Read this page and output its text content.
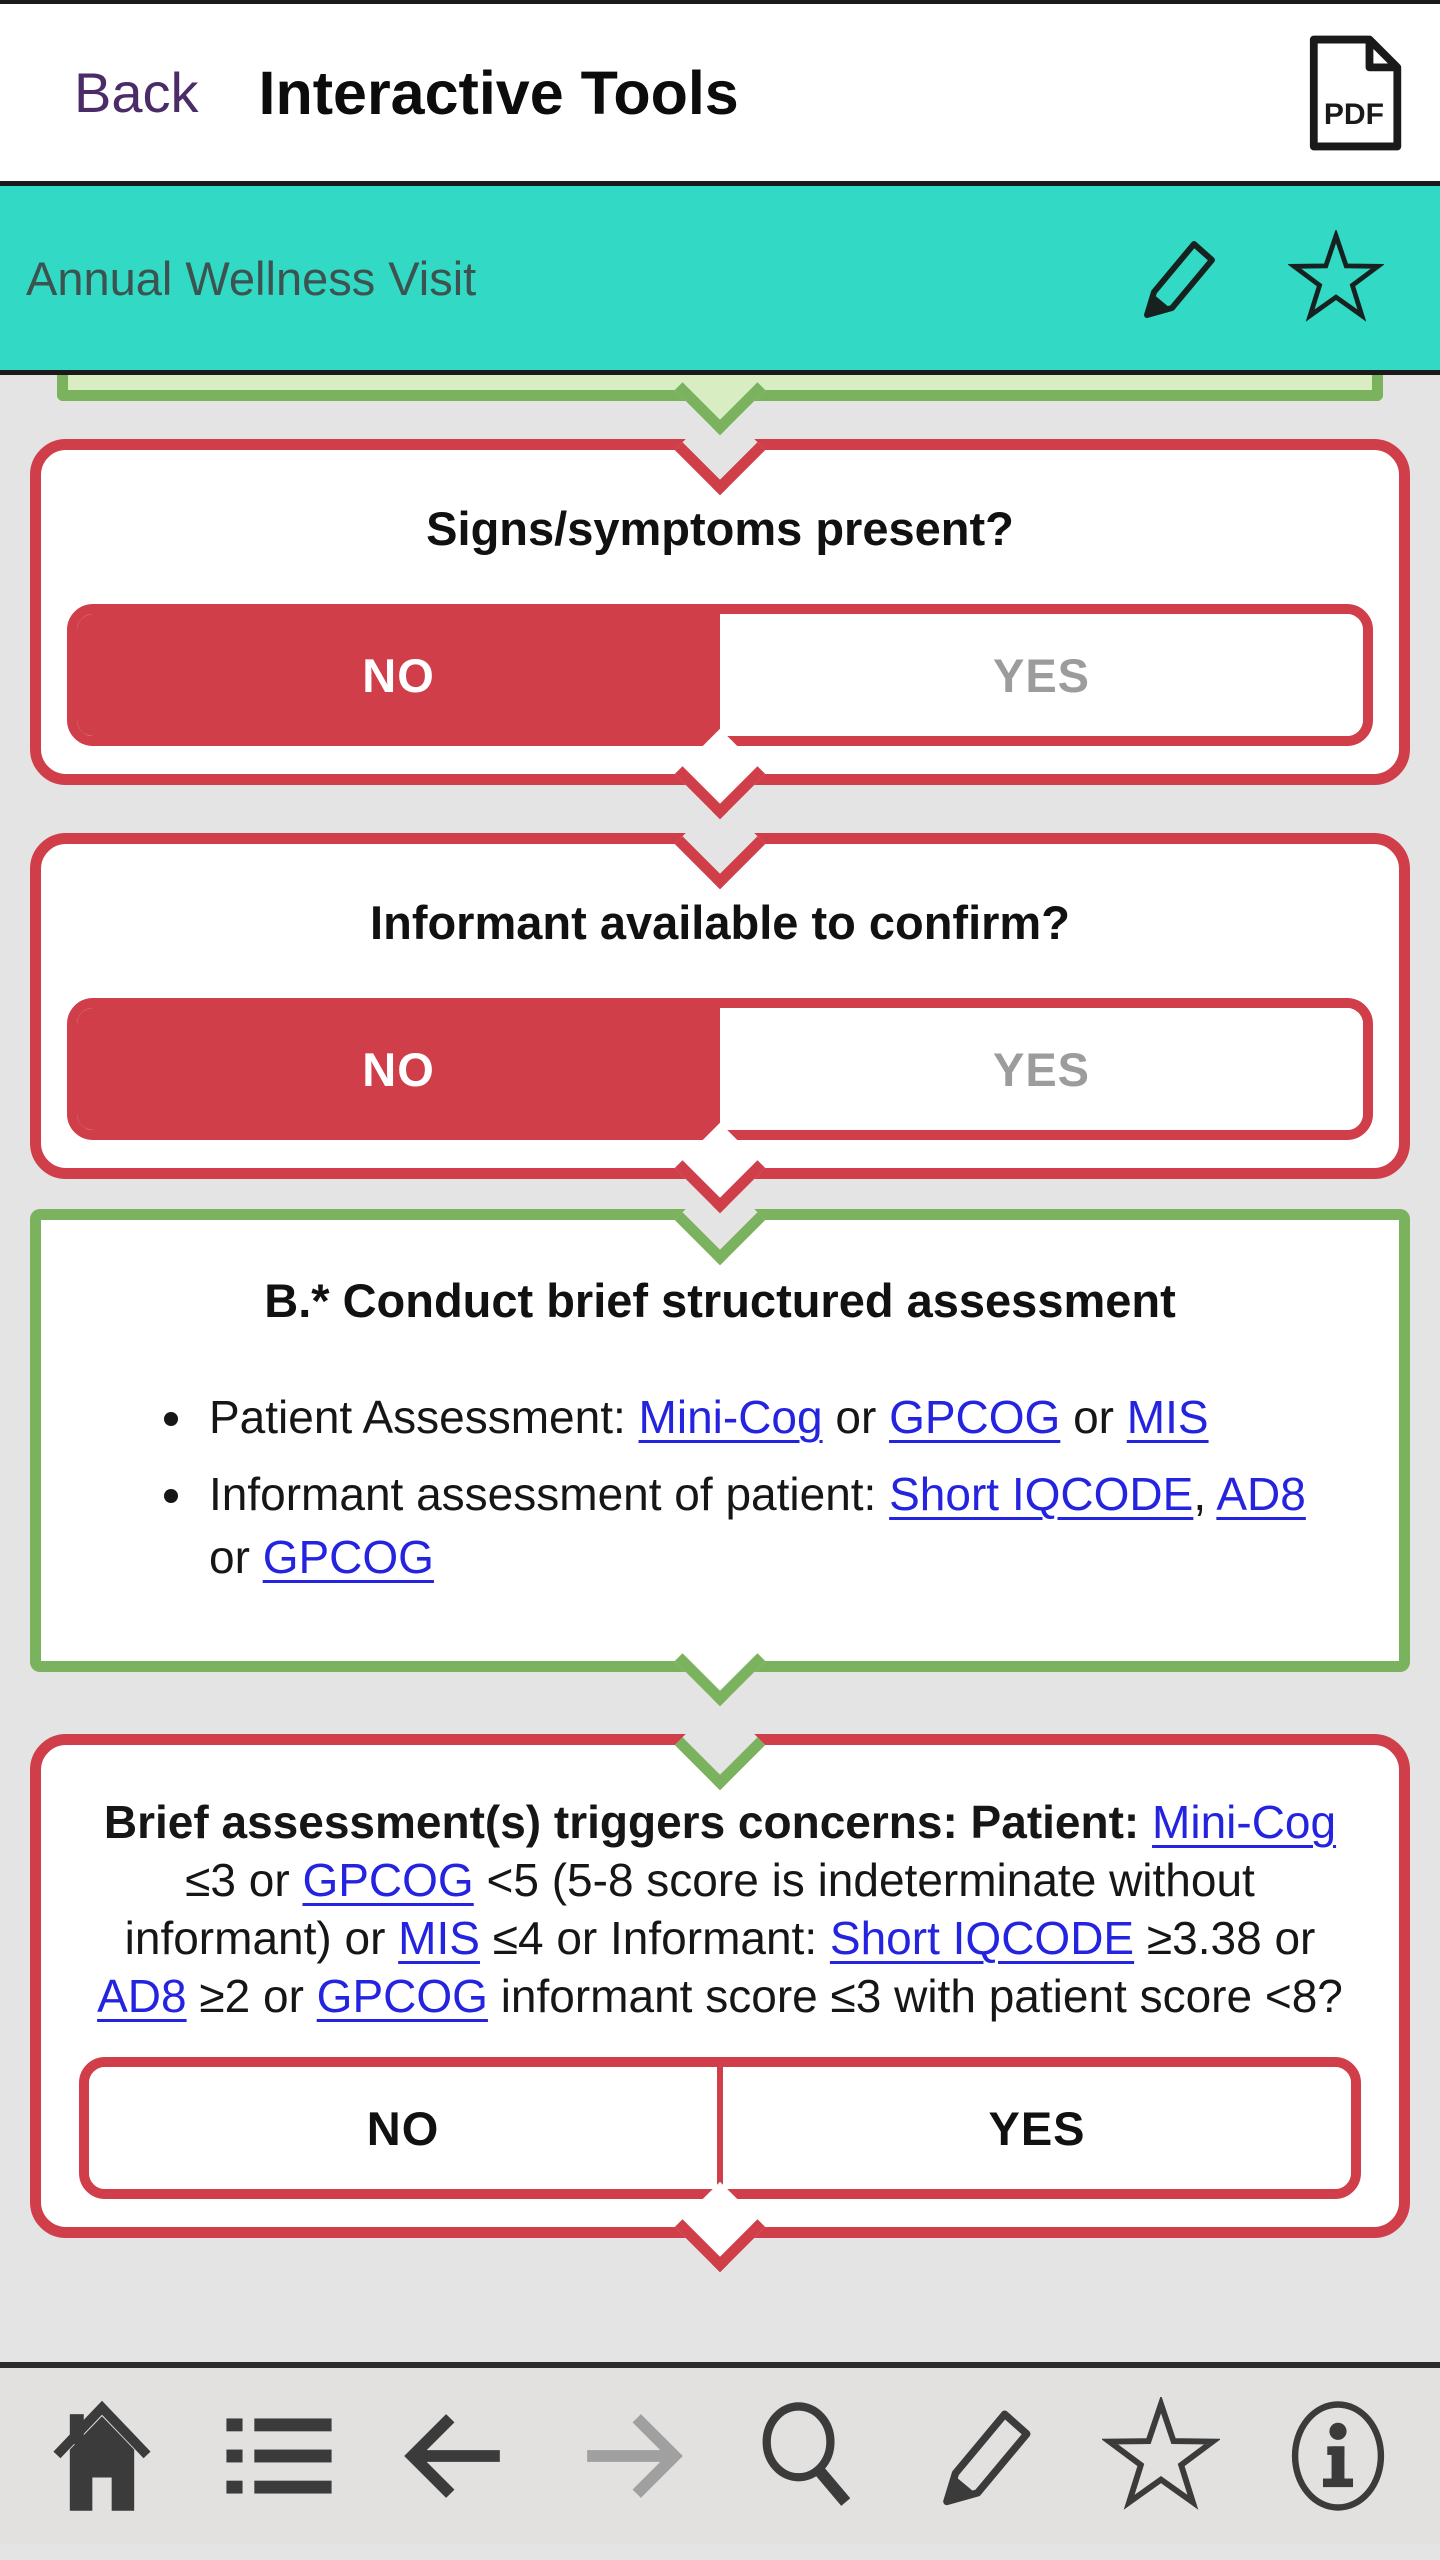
Back Interactive Tools	PDF
Annual Wellness Visit
Signs/symptoms present?
NO	YES
Informant available to confirm?
NO	YES
B.* Conduct brief structured assessment
• Patient Assessment: Mini-Cog or GPCOG or MIS
• Informant assessment of patient: Short IQCODE, AD8 or GPCOG

Brief assessment(s) triggers concerns: Patient: Mini-Cog ≤3 or GPCOG <5 (5-8 score is indeterminate without informant) or MIS ≤4 or Informant: Short IQCODE ≥3.38 or AD8 ≥2 or GPCOG informant score ≤3 with patient score <8?

NO	YES
